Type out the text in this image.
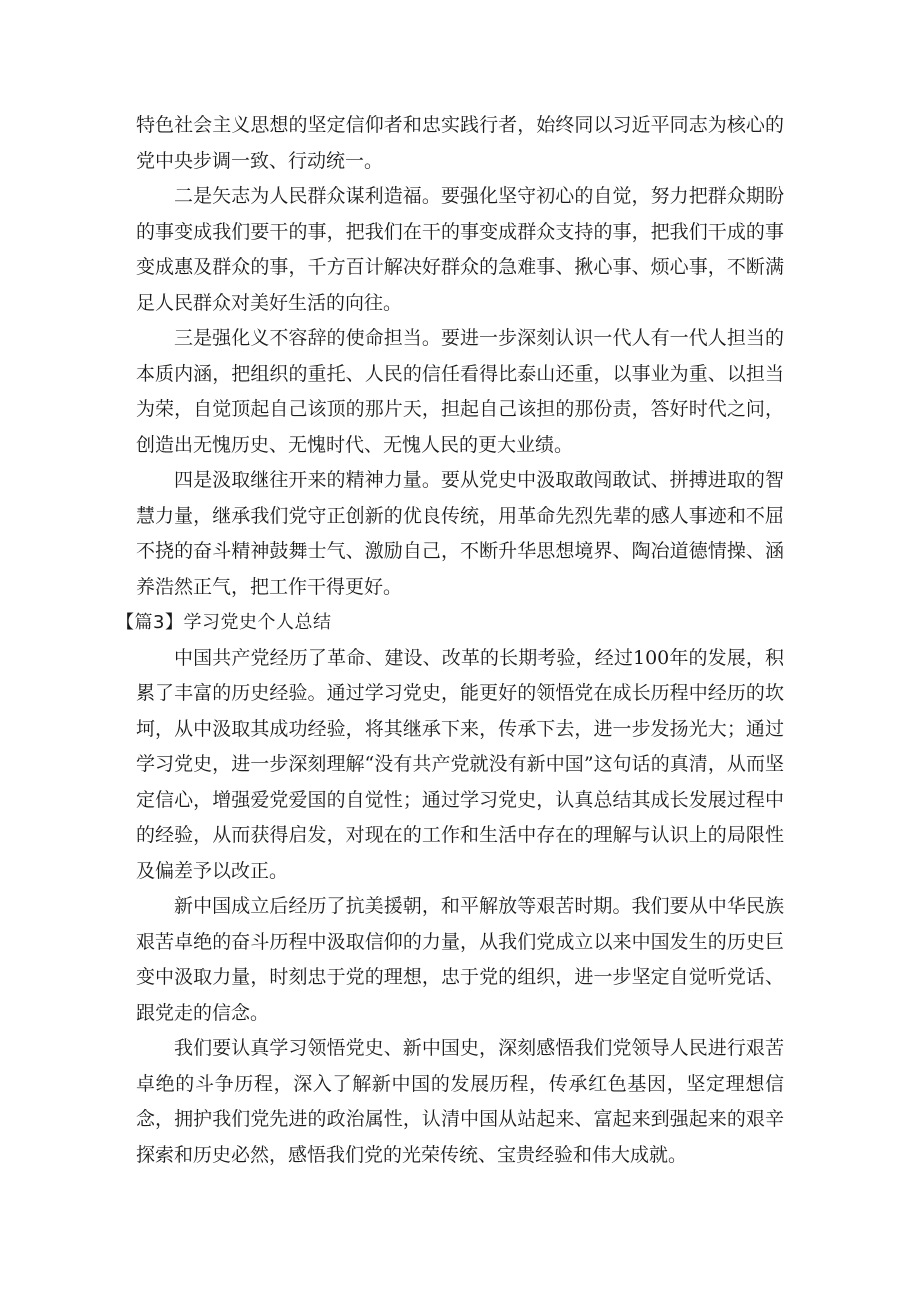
特色社会主义思想的坚定信仰者和忠实践行者，始终同以习近平同志为核心的党中央步调一致、行动统一。

二是矢志为人民群众谋利造福。要强化坚守初心的自觉，努力把群众期盼的事变成我们要干的事，把我们在干的事变成群众支持的事，把我们干成的事变成惠及群众的事，千方百计解决好群众的急难事、揪心事、烦心事，不断满足人民群众对美好生活的向往。

三是强化义不容辞的使命担当。要进一步深刻认识一代人有一代人担当的本质内涵，把组织的重托、人民的信任看得比泰山还重，以事业为重、以担当为荣，自觉顶起自己该顶的那片天，担起自己该担的那份责，答好时代之问，创造出无愧历史、无愧时代、无愧人民的更大业绩。

四是汲取继往开来的精神力量。要从党史中汲取敢闯敢试、拼搏进取的智慧力量，继承我们党守正创新的优良传统，用革命先烈先辈的感人事迹和不屈不挠的奋斗精神鼓舞士气、激励自己，不断升华思想境界、陶冶道德情操、涵养浩然正气，把工作干得更好。

【篇3】学习党史个人总结

中国共产党经历了革命、建设、改革的长期考验，经过100年的发展，积累了丰富的历史经验。通过学习党史，能更好的领悟党在成长历程中经历的坎坷，从中汲取其成功经验，将其继承下来，传承下去，进一步发扬光大；通过学习党史，进一步深刻理解“没有共产党就没有新中国”这句话的真清，从而坚定信心，增强爱党爱国的自觉性；通过学习党史，认真总结其成长发展过程中的经验，从而获得启发，对现在的工作和生活中存在的理解与认识上的局限性及偏差予以改正。

新中国成立后经历了抗美援朝，和平解放等艰苦时期。我们要从中华民族艰苦卓绝的奋斗历程中汲取信仰的力量，从我们党成立以来中国发生的历史巨变中汲取力量，时刻忠于党的理想，忠于党的组织，进一步坚定自觉听党话、跟党走的信念。

我们要认真学习领悟党史、新中国史，深刻感悟我们党领导人民进行艰苦卓绝的斗争历程，深入了解新中国的发展历程，传承红色基因，坚定理想信念，拥护我们党先进的政治属性，认清中国从站起来、富起来到强起来的艰辛探索和历史必然，感悟我们党的光荣传统、宝贵经验和伟大成就。
